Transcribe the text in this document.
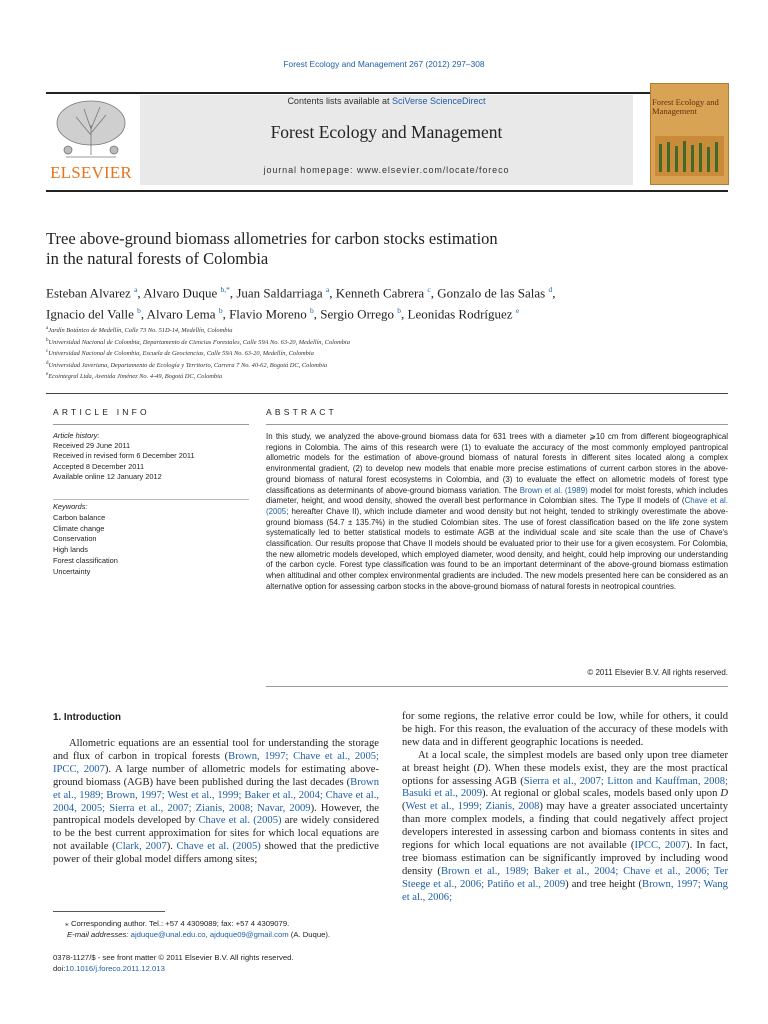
Forest Ecology and Management 267 (2012) 297–308
ELSEVIER
Contents lists available at SciVerse ScienceDirect
Forest Ecology and Management
journal homepage: www.elsevier.com/locate/foreco
Forest Ecology and Management
Tree above-ground biomass allometries for carbon stocks estimation
in the natural forests of Colombia
Esteban Alvarez $^a$, Alvaro Duque $^{b,*}$, Juan Saldarriaga $^a$, Kenneth Cabrera $^c$, Gonzalo de las Salas $^d$,
Ignacio del Valle $^b$, Alvaro Lema $^b$, Flavio Moreno $^b$, Sergio Orrego $^b$, Leonidas Rodríguez $^e$
$^a$Jardín Botánico de Medellín, Calle 73 No. 51D-14, Medellín, Colombia
$^b$Universidad Nacional de Colombia, Departamento de Ciencias Forestales, Calle 59A No. 63-20, Medellín, Colombia
$^c$Universidad Nacional de Colombia, Escuela de Geociencias, Calle 59A No. 63-20, Medellín, Colombia
$^d$Universidad Javeriana, Departamento de Ecología y Territorio, Carrera 7 No. 40-62, Bogotá DC, Colombia
$^e$Ecointegral Ltda, Avenida Jiménez No. 4-49, Bogotá DC, Colombia
ARTICLE INFO	ABSTRACT
Article history:
Received 29 June 2011
Received in revised form 6 December 2011
Accepted 8 December 2011
Available online 12 January 2012
Keywords:
Carbon balance
Climate change
Conservation
High lands
Forest classification
Uncertainty
In this study, we analyzed the above-ground biomass data for 631 trees with a diameter ⩾10 cm from different biogeographical regions in Colombia. The aims of this research were (1) to evaluate the accuracy of the most commonly employed pantropical allometric models for the estimation of above-ground biomass of natural forests in different sites located along a complex environmental gradient, (2) to develop new models that enable more precise estimations of current carbon stores in the above-ground biomass of natural forest ecosystems in Colombia, and (3) to evaluate the effect on allometric models of forest type classifications as determinants of above-ground biomass variation. The Brown et al. (1989) model for moist forests, which includes diameter, height, and wood density, showed the overall best performance in Colombian sites. The Type II models of (Chave et al. (2005; hereafter Chave II), which include diameter and wood density but not height, tended to strikingly overestimate the above-ground biomass (54.7 ± 135.7%) in the studied Colombian sites. The use of forest classification based on the life zone system systematically led to better statistical models to estimate AGB at the individual scale and site scale than the use of Chave's classification. Our results propose that Chave II models should be evaluated prior to their use for a given ecosystem. For Colombia, the new allometric models developed, which employed diameter, wood density, and height, could help improving our understanding of the carbon cycle. Forest type classification was found to be an important determinant of the above-ground biomass estimation when altitudinal and other complex environmental gradients are included. The new models presented here can be considered as an alternative option for assessing carbon stocks in the above-ground biomass of natural forests in neotropical countries.
© 2011 Elsevier B.V. All rights reserved.
1. Introduction

Allometric equations are an essential tool for understanding the storage and flux of carbon in tropical forests (Brown, 1997; Chave et al., 2005; IPCC, 2007). A large number of allometric models for estimating above-ground biomass (AGB) have been published during the last decades (Brown et al., 1989; Brown, 1997; West et al., 1999; Baker et al., 2004; Chave et al., 2004, 2005; Sierra et al., 2007; Zianis, 2008; Navar, 2009). However, the pantropical models developed by Chave et al. (2005) are widely considered to be the best current approximation for sites for which local equations are not available (Clark, 2007). Chave et al. (2005) showed that the predictive power of their global model differs among sites;

for some regions, the relative error could be low, while for others, it could be high. For this reason, the evaluation of the accuracy of these models with new data and in different geographic locations is needed.

At a local scale, the simplest models are based only upon tree diameter at breast height (D). When these models exist, they are the most practical options for assessing AGB (Sierra et al., 2007; Litton and Kauffman, 2008; Basuki et al., 2009). At regional or global scales, models based only upon D (West et al., 1999; Zianis, 2008) may have a greater associated uncertainty than more complex models, a finding that could negatively affect project developers interested in assessing carbon and biomass contents in sites and regions for which local equations are not available (IPCC, 2007). In fact, tree biomass estimation can be significantly improved by including wood density (Brown et al., 1989; Baker et al., 2004; Chave et al., 2006; Ter Steege et al., 2006; Patiño et al., 2009) and tree height (Brown, 1997; Wang et al., 2006;

⁎ Corresponding author. Tel.: +57 4 4309089; fax: +57 4 4309079.
E-mail addresses: ajduque@unal.edu.co, ajduque09@gmail.com (A. Duque).
0378-1127/$ - see front matter © 2011 Elsevier B.V. All rights reserved.
doi:10.1016/j.foreco.2011.12.013
